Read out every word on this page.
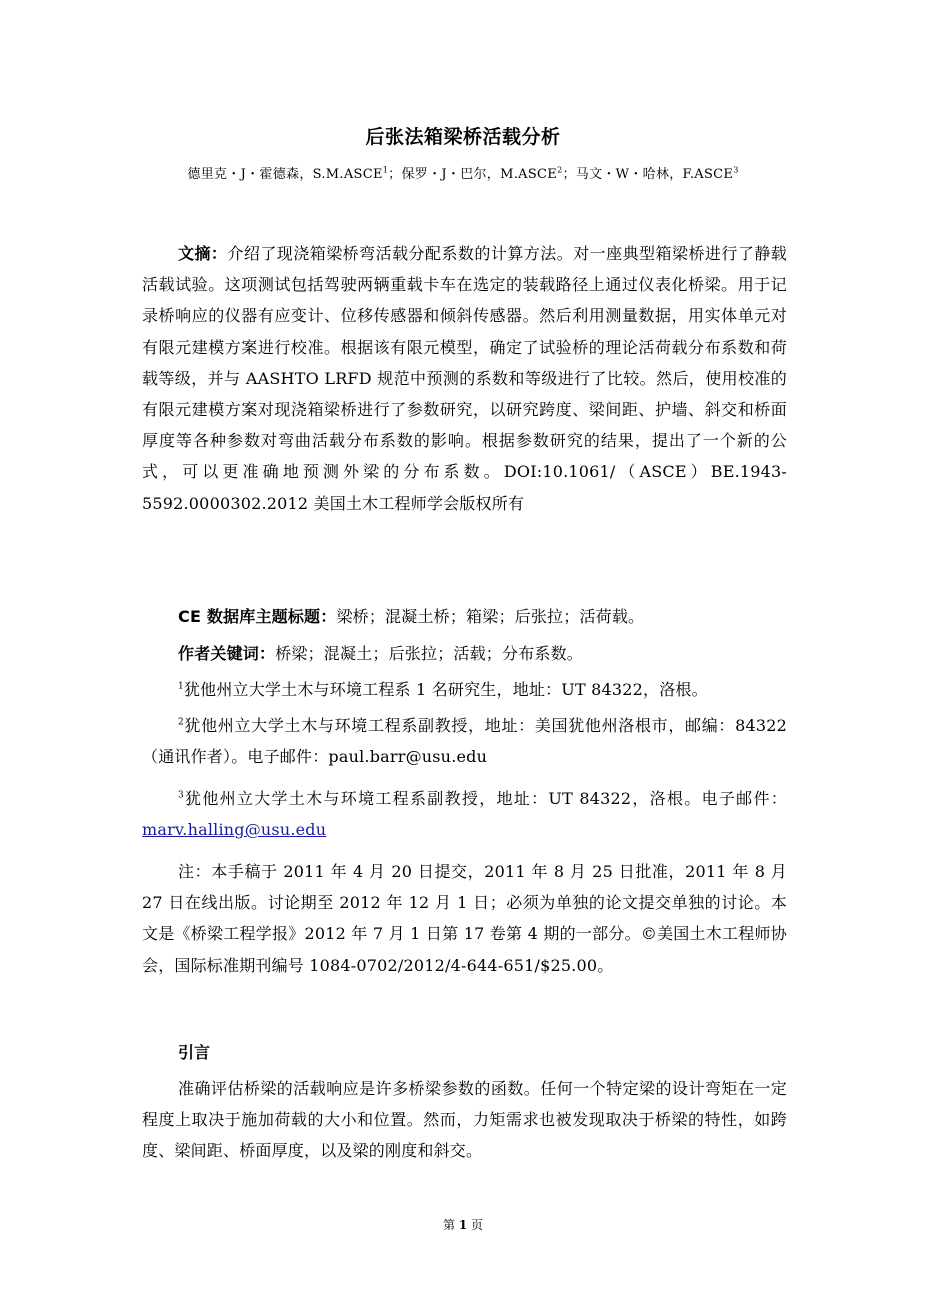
后张法箱梁桥活载分析
德里克・J・霍德森，S.M.ASCE$^1$；保罗・J・巴尔，M.ASCE$^2$；马文・W・哈林，F.ASCE$^3$

文摘：介绍了现浇箱梁桥弯活载分配系数的计算方法。对一座典型箱梁桥进行了静载活载试验。这项测试包括驾驶两辆重载卡车在选定的装载路径上通过仪表化桥梁。用于记录桥响应的仪器有应变计、位移传感器和倾斜传感器。然后利用测量数据，用实体单元对有限元建模方案进行校准。根据该有限元模型，确定了试验桥的理论活荷载分布系数和荷载等级，并与 AASHTO LRFD 规范中预测的系数和等级进行了比较。然后，使用校准的有限元建模方案对现浇箱梁桥进行了参数研究，以研究跨度、梁间距、护墙、斜交和桥面厚度等各种参数对弯曲活载分布系数的影响。根据参数研究的结果，提出了一个新的公式，可以更准确地预测外梁的分布系数。DOI:10.1061/（ASCE）BE.1943-5592.0000302.2012 美国土木工程师学会版权所有

CE 数据库主题标题：梁桥；混凝土桥；箱梁；后张拉；活荷载。

作者关键词：桥梁；混凝土；后张拉；活载；分布系数。

$^1$犹他州立大学土木与环境工程系 1 名研究生，地址：UT 84322，洛根。

$^2$犹他州立大学土木与环境工程系副教授，地址：美国犹他州洛根市，邮编：84322（通讯作者）。电子邮件：paul.barr@usu.edu

$^3$犹他州立大学土木与环境工程系副教授，地址：UT 84322，洛根。电子邮件：marv.halling@usu.edu

注：本手稿于 2011 年 4 月 20 日提交，2011 年 8 月 25 日批准，2011 年 8 月 27 日在线出版。讨论期至 2012 年 12 月 1 日；必须为单独的论文提交单独的讨论。本文是《桥梁工程学报》2012 年 7 月 1 日第 17 卷第 4 期的一部分。©美国土木工程师协会，国际标准期刊编号 1084-0702/2012/4-644-651/$25.00。

引言

准确评估桥梁的活载响应是许多桥梁参数的函数。任何一个特定梁的设计弯矩在一定程度上取决于施加荷载的大小和位置。然而，力矩需求也被发现取决于桥梁的特性，如跨度、梁间距、桥面厚度，以及梁的刚度和斜交。

第 1 页
